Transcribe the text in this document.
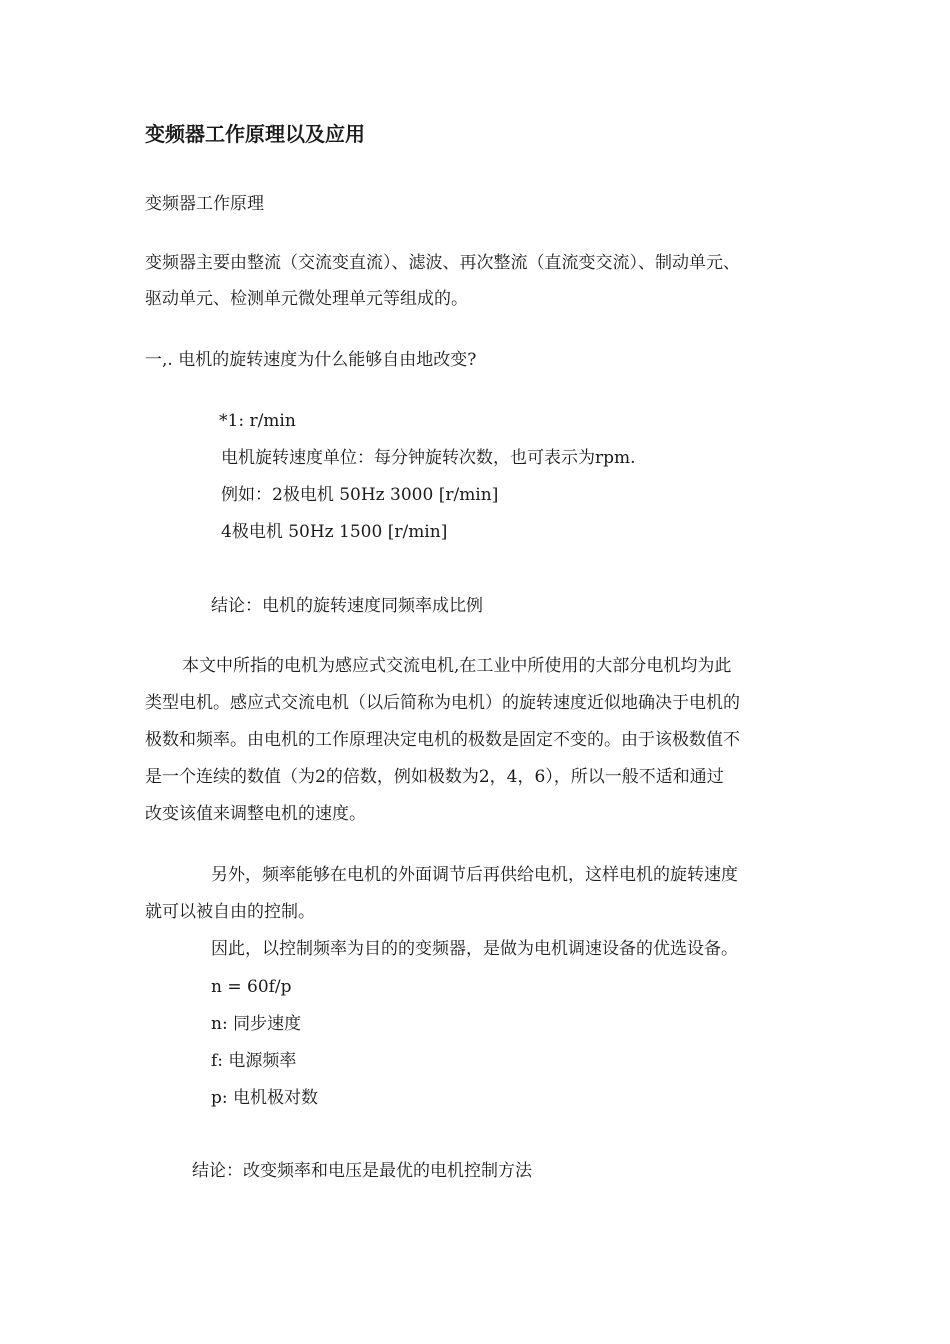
变频器工作原理以及应用

变频器工作原理

变频器主要由整流（交流变直流）、滤波、再次整流（直流变交流）、制动单元、

驱动单元、检测单元微处理单元等组成的。

一,. 电机的旋转速度为什么能够自由地改变?

*1: r/min

电机旋转速度单位：每分钟旋转次数，也可表示为rpm.

例如：2极电机 50Hz 3000 [r/min]

4极电机 50Hz 1500 [r/min]

结论：电机的旋转速度同频率成比例

本文中所指的电机为感应式交流电机,在工业中所使用的大部分电机均为此

类型电机。感应式交流电机（以后简称为电机）的旋转速度近似地确决于电机的

极数和频率。由电机的工作原理决定电机的极数是固定不变的。由于该极数值不

是一个连续的数值（为2的倍数，例如极数为2，4，6），所以一般不适和通过

改变该值来调整电机的速度。

另外，频率能够在电机的外面调节后再供给电机，这样电机的旋转速度

就可以被自由的控制。

因此，以控制频率为目的的变频器，是做为电机调速设备的优选设备。

n = 60f/p

n: 同步速度

f: 电源频率

p: 电机极对数

结论：改变频率和电压是最优的电机控制方法
